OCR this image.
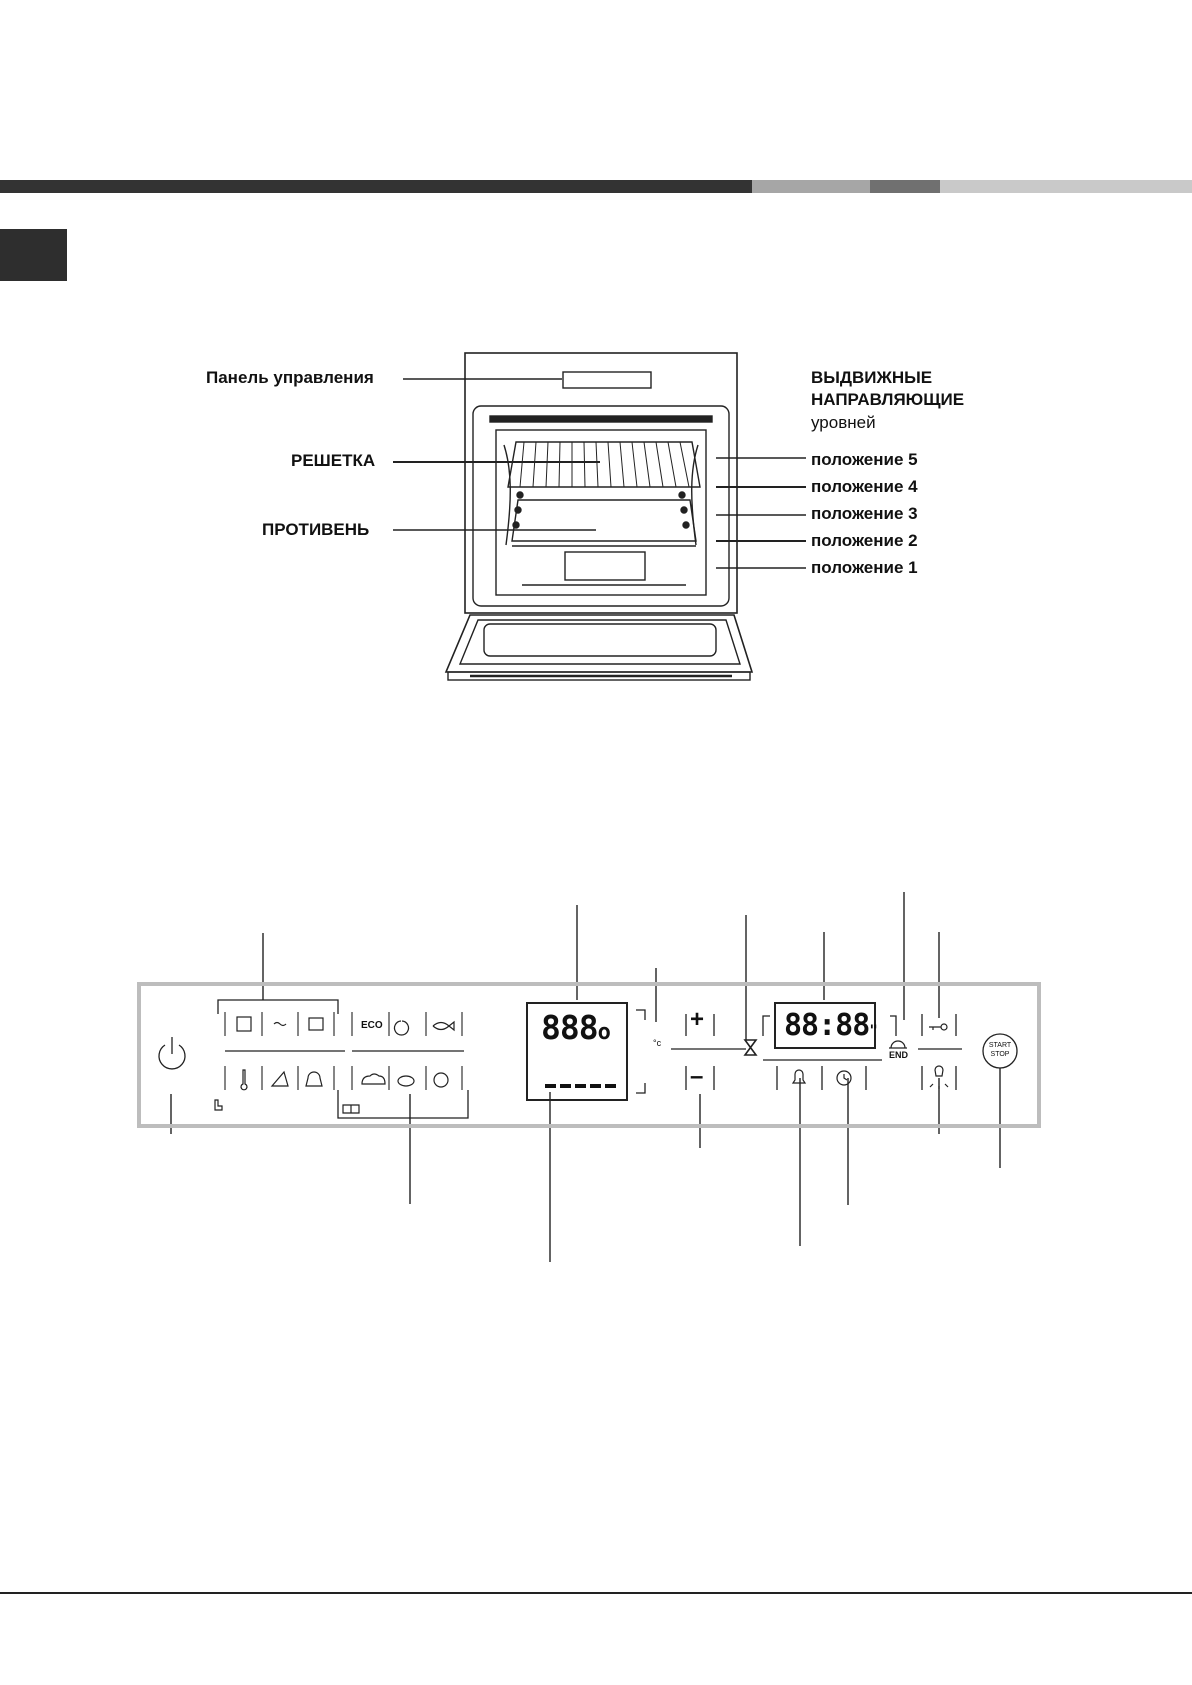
Панель управления
РЕШЕТКА
ПРОТИВЕНЬ
ВЫДВИЖНЫЕ
НАПРАВЛЯЮЩИЕ
уровней
положение 5
положение 4
положение 3
положение 2
положение 1
ECO	888o	°c
+
–
88:88"
END
START
STOP
